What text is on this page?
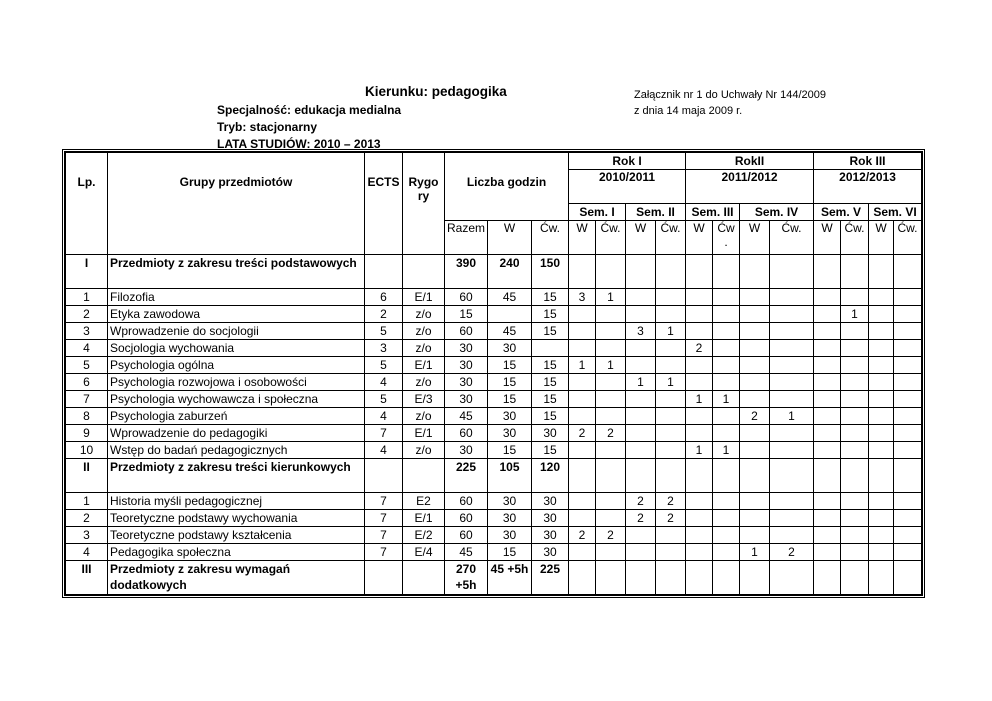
Kierunku: pedagogika
Specjalność: edukacja medialna
Tryb: stacjonarny
LATA STUDIÓW: 2010 – 2013
Załącznik nr 1 do Uchwały Nr 144/2009
z dnia 14 maja 2009 r.
Lp.	Grupy przedmiotów	ECTS	Rygo ry	Liczba godzin			Rok I				RokII				Rok III			
							2010/2011				2011/2012				2012/2013			
							Sem. I		Sem. II		Sem. III		Sem. IV		Sem. V		Sem. VI	
				Razem	W	Ćw.	W	Ćw.	W	Ćw.	W	Ćw .	W	Ćw.	W	Ćw.	W	Ćw.
I	Przedmioty z zakresu treści podstawowych			390	240	150												
1	Filozofia	6	E/1	60	45	15	3	1										
2	Etyka zawodowa	2	z/o	15		15										1		
3	Wprowadzenie do socjologii	5	z/o	60	45	15			3	1								
4	Socjologia wychowania	3	z/o	30	30						2							
5	Psychologia ogólna	5	E/1	30	15	15	1	1										
6	Psychologia rozwojowa i osobowości	4	z/o	30	15	15			1	1								
7	Psychologia wychowawcza i społeczna	5	E/3	30	15	15					1	1						
8	Psychologia zaburzeń	4	z/o	45	30	15							2	1				
9	Wprowadzenie do pedagogiki	7	E/1	60	30	30	2	2										
10	Wstęp do badań pedagogicznych	4	z/o	30	15	15					1	1						
II	Przedmioty z zakresu treści kierunkowych			225	105	120												
1	Historia myśli pedagogicznej	7	E2	60	30	30			2	2								
2	Teoretyczne podstawy wychowania	7	E/1	60	30	30			2	2								
3	Teoretyczne podstawy kształcenia	7	E/2	60	30	30	2	2										
4	Pedagogika społeczna	7	E/4	45	15	30							1	2				
III	Przedmioty z zakresu wymagań dodatkowych			270 +5h	45 +5h	225												
